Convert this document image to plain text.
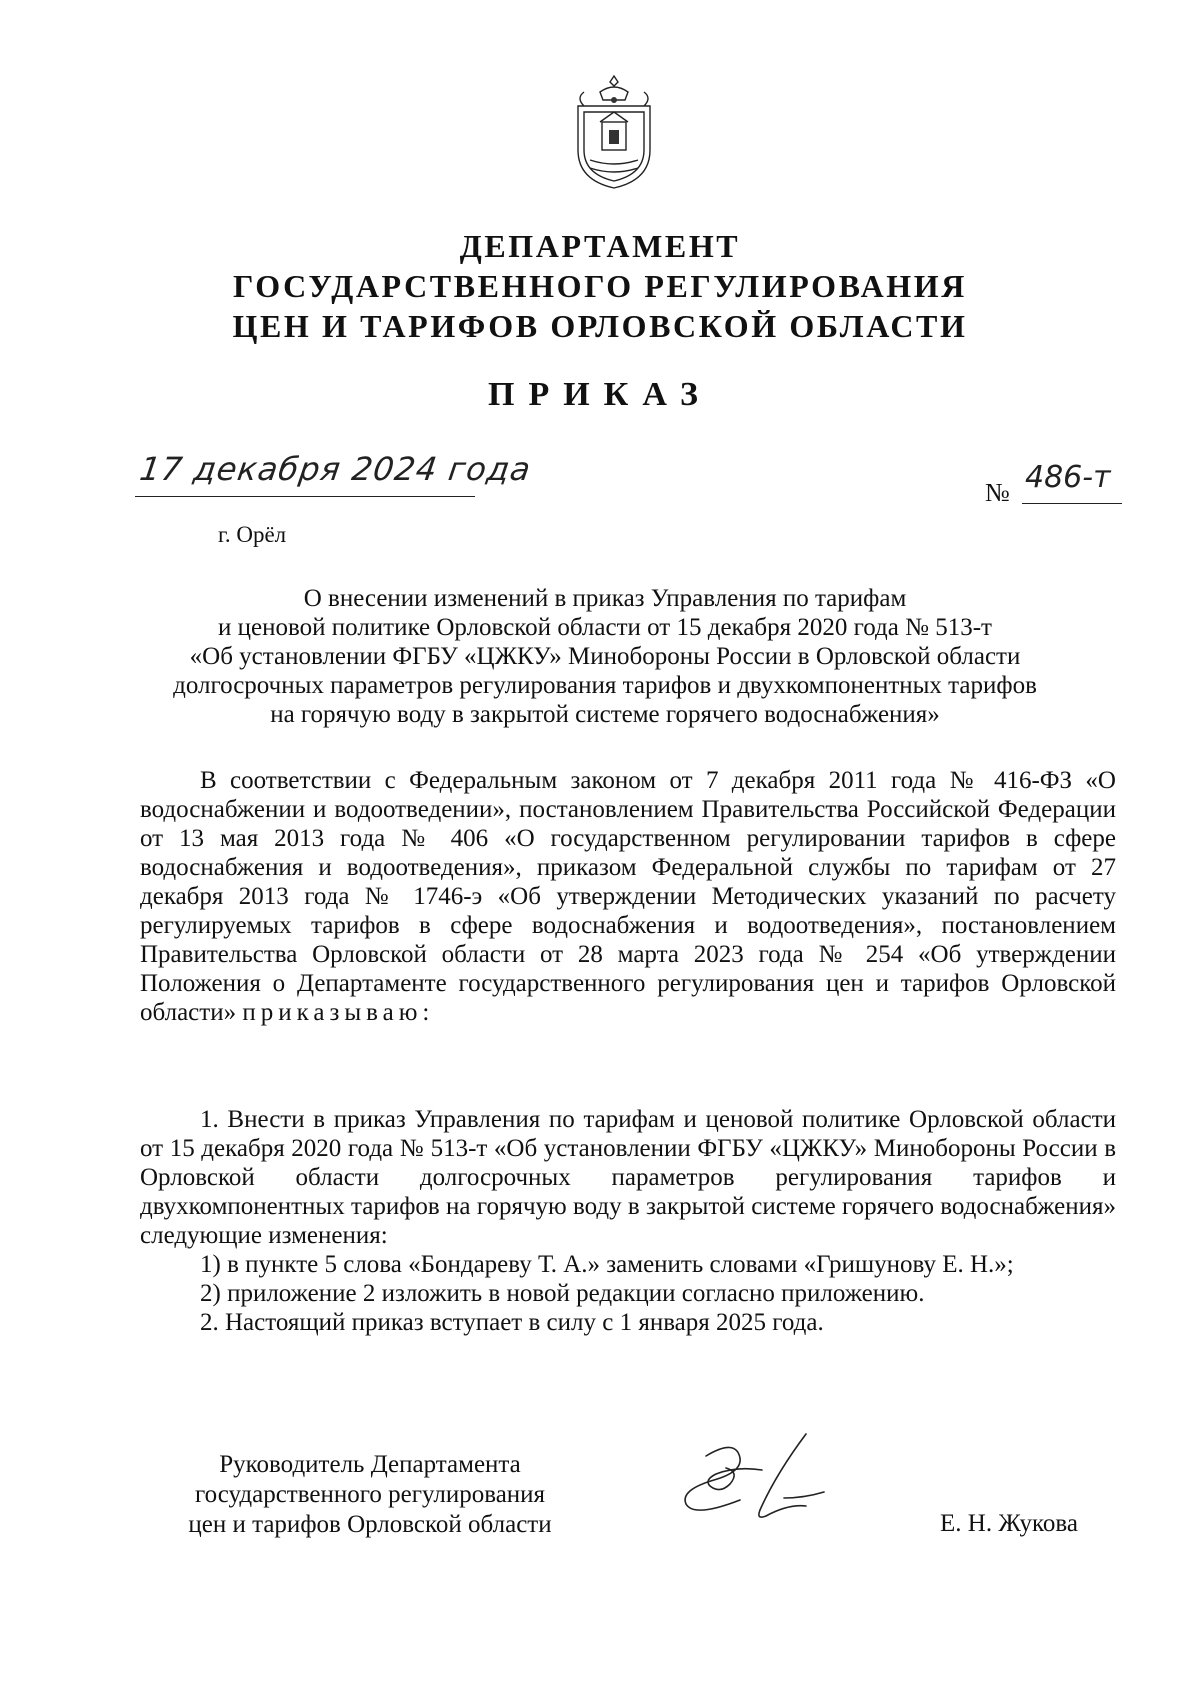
ДЕПАРТАМЕНТ
ГОСУДАРСТВЕННОГО РЕГУЛИРОВАНИЯ
ЦЕН И ТАРИФОВ ОРЛОВСКОЙ ОБЛАСТИ
ПРИКАЗ
17 декабря 2024 года
г. Орёл
№ 486-т
О внесении изменений в приказ Управления по тарифам
и ценовой политике Орловской области от 15 декабря 2020 года № 513-т
«Об установлении ФГБУ «ЦЖКУ» Минобороны России в Орловской области
долгосрочных параметров регулирования тарифов и двухкомпонентных тарифов
на горячую воду в закрытой системе горячего водоснабжения»

В соответствии с Федеральным законом от 7 декабря 2011 года № 416-ФЗ «О водоснабжении и водоотведении», постановлением Правительства Российской Федерации от 13 мая 2013 года № 406 «О государственном регулировании тарифов в сфере водоснабжения и водоотведения», приказом Федеральной службы по тарифам от 27 декабря 2013 года № 1746-э «Об утверждении Методических указаний по расчету регулируемых тарифов в сфере водоснабжения и водоотведения», постановлением Правительства Орловской области от 28 марта 2023 года № 254 «Об утверждении Положения о Департаменте государственного регулирования цен и тарифов Орловской области» приказываю:

1. Внести в приказ Управления по тарифам и ценовой политике Орловской области от 15 декабря 2020 года № 513-т «Об установлении ФГБУ «ЦЖКУ» Минобороны России в Орловской области долгосрочных параметров регулирования тарифов и двухкомпонентных тарифов на горячую воду в закрытой системе горячего водоснабжения» следующие изменения:

1) в пункте 5 слова «Бондареву Т. А.» заменить словами «Гришунову Е. Н.»;

2) приложение 2 изложить в новой редакции согласно приложению.

2. Настоящий приказ вступает в силу с 1 января 2025 года.

Руководитель Департамента
государственного регулирования
цен и тарифов Орловской области	Е. Н. Жукова
